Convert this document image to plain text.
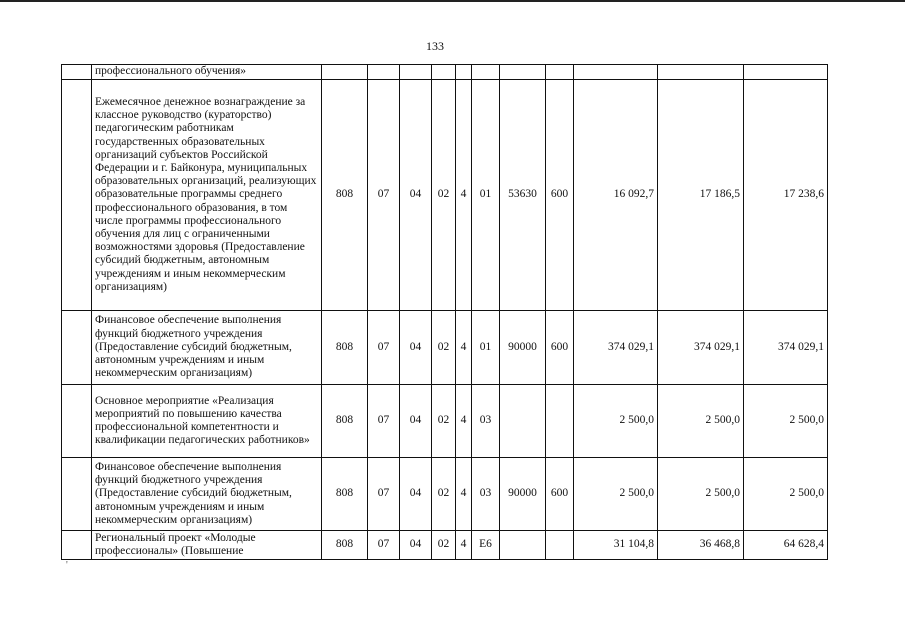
133
	профессионального обучения»											
	Ежемесячное денежное вознаграждение за классное руководство (кураторство) педагогическим работникам государственных образовательных организаций субъектов Российской Федерации и г. Байконура, муниципальных образовательных организаций, реализующих образовательные программы среднего профессионального образования, в том числе программы профессионального обучения для лиц с ограниченными возможностями здоровья (Предоставление субсидий бюджетным, автономным учреждениям и иным некоммерческим организациям)	808	07	04	02	4	01	53630	600	16 092,7	17 186,5	17 238,6
	Финансовое обеспечение выполнения функций бюджетного учреждения (Предоставление субсидий бюджетным, автономным учреждениям и иным некоммерческим организациям)	808	07	04	02	4	01	90000	600	374 029,1	374 029,1	374 029,1
	Основное мероприятие «Реализация мероприятий по повышению качества профессиональной компетентности и квалификации педагогических работников»	808	07	04	02	4	03			2 500,0	2 500,0	2 500,0
	Финансовое обеспечение выполнения функций бюджетного учреждения (Предоставление субсидий бюджетным, автономным учреждениям и иным некоммерческим организациям)	808	07	04	02	4	03	90000	600	2 500,0	2 500,0	2 500,0
	Региональный проект «Молодые профессионалы» (Повышение	808	07	04	02	4	Е6			31 104,8	36 468,8	64 628,4
'
